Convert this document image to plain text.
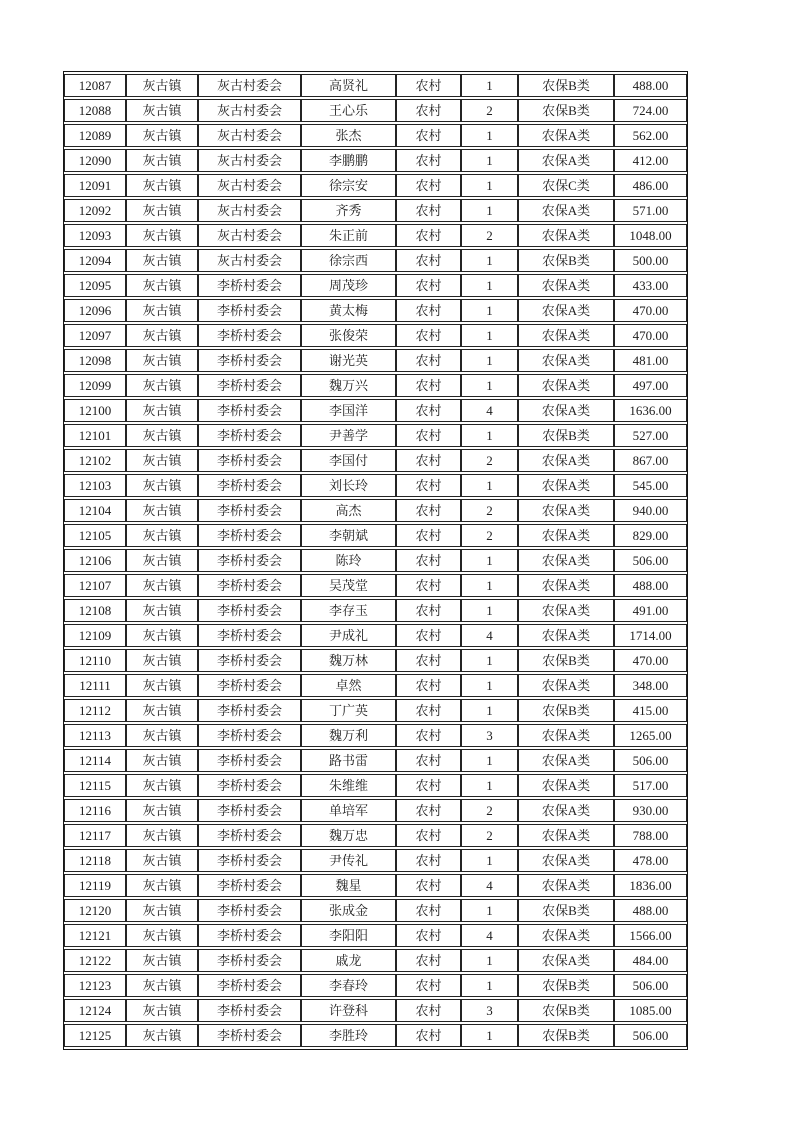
12087	灰古镇	灰古村委会	高贤礼	农村	1	农保B类	488.00
12088	灰古镇	灰古村委会	王心乐	农村	2	农保B类	724.00
12089	灰古镇	灰古村委会	张杰	农村	1	农保A类	562.00
12090	灰古镇	灰古村委会	李鹏鹏	农村	1	农保A类	412.00
12091	灰古镇	灰古村委会	徐宗安	农村	1	农保C类	486.00
12092	灰古镇	灰古村委会	齐秀	农村	1	农保A类	571.00
12093	灰古镇	灰古村委会	朱正前	农村	2	农保A类	1048.00
12094	灰古镇	灰古村委会	徐宗西	农村	1	农保B类	500.00
12095	灰古镇	李桥村委会	周茂珍	农村	1	农保A类	433.00
12096	灰古镇	李桥村委会	黄太梅	农村	1	农保A类	470.00
12097	灰古镇	李桥村委会	张俊荣	农村	1	农保A类	470.00
12098	灰古镇	李桥村委会	谢光英	农村	1	农保A类	481.00
12099	灰古镇	李桥村委会	魏万兴	农村	1	农保A类	497.00
12100	灰古镇	李桥村委会	李国洋	农村	4	农保A类	1636.00
12101	灰古镇	李桥村委会	尹善学	农村	1	农保B类	527.00
12102	灰古镇	李桥村委会	李国付	农村	2	农保A类	867.00
12103	灰古镇	李桥村委会	刘长玲	农村	1	农保A类	545.00
12104	灰古镇	李桥村委会	高杰	农村	2	农保A类	940.00
12105	灰古镇	李桥村委会	李朝斌	农村	2	农保A类	829.00
12106	灰古镇	李桥村委会	陈玲	农村	1	农保A类	506.00
12107	灰古镇	李桥村委会	吴茂堂	农村	1	农保A类	488.00
12108	灰古镇	李桥村委会	李存玉	农村	1	农保A类	491.00
12109	灰古镇	李桥村委会	尹成礼	农村	4	农保A类	1714.00
12110	灰古镇	李桥村委会	魏万林	农村	1	农保B类	470.00
12111	灰古镇	李桥村委会	卓然	农村	1	农保A类	348.00
12112	灰古镇	李桥村委会	丁广英	农村	1	农保B类	415.00
12113	灰古镇	李桥村委会	魏万利	农村	3	农保A类	1265.00
12114	灰古镇	李桥村委会	路书雷	农村	1	农保A类	506.00
12115	灰古镇	李桥村委会	朱维维	农村	1	农保A类	517.00
12116	灰古镇	李桥村委会	单培军	农村	2	农保A类	930.00
12117	灰古镇	李桥村委会	魏万忠	农村	2	农保A类	788.00
12118	灰古镇	李桥村委会	尹传礼	农村	1	农保A类	478.00
12119	灰古镇	李桥村委会	魏星	农村	4	农保A类	1836.00
12120	灰古镇	李桥村委会	张成金	农村	1	农保B类	488.00
12121	灰古镇	李桥村委会	李阳阳	农村	4	农保A类	1566.00
12122	灰古镇	李桥村委会	戚龙	农村	1	农保A类	484.00
12123	灰古镇	李桥村委会	李春玲	农村	1	农保B类	506.00
12124	灰古镇	李桥村委会	许登科	农村	3	农保B类	1085.00
12125	灰古镇	李桥村委会	李胜玲	农村	1	农保B类	506.00
